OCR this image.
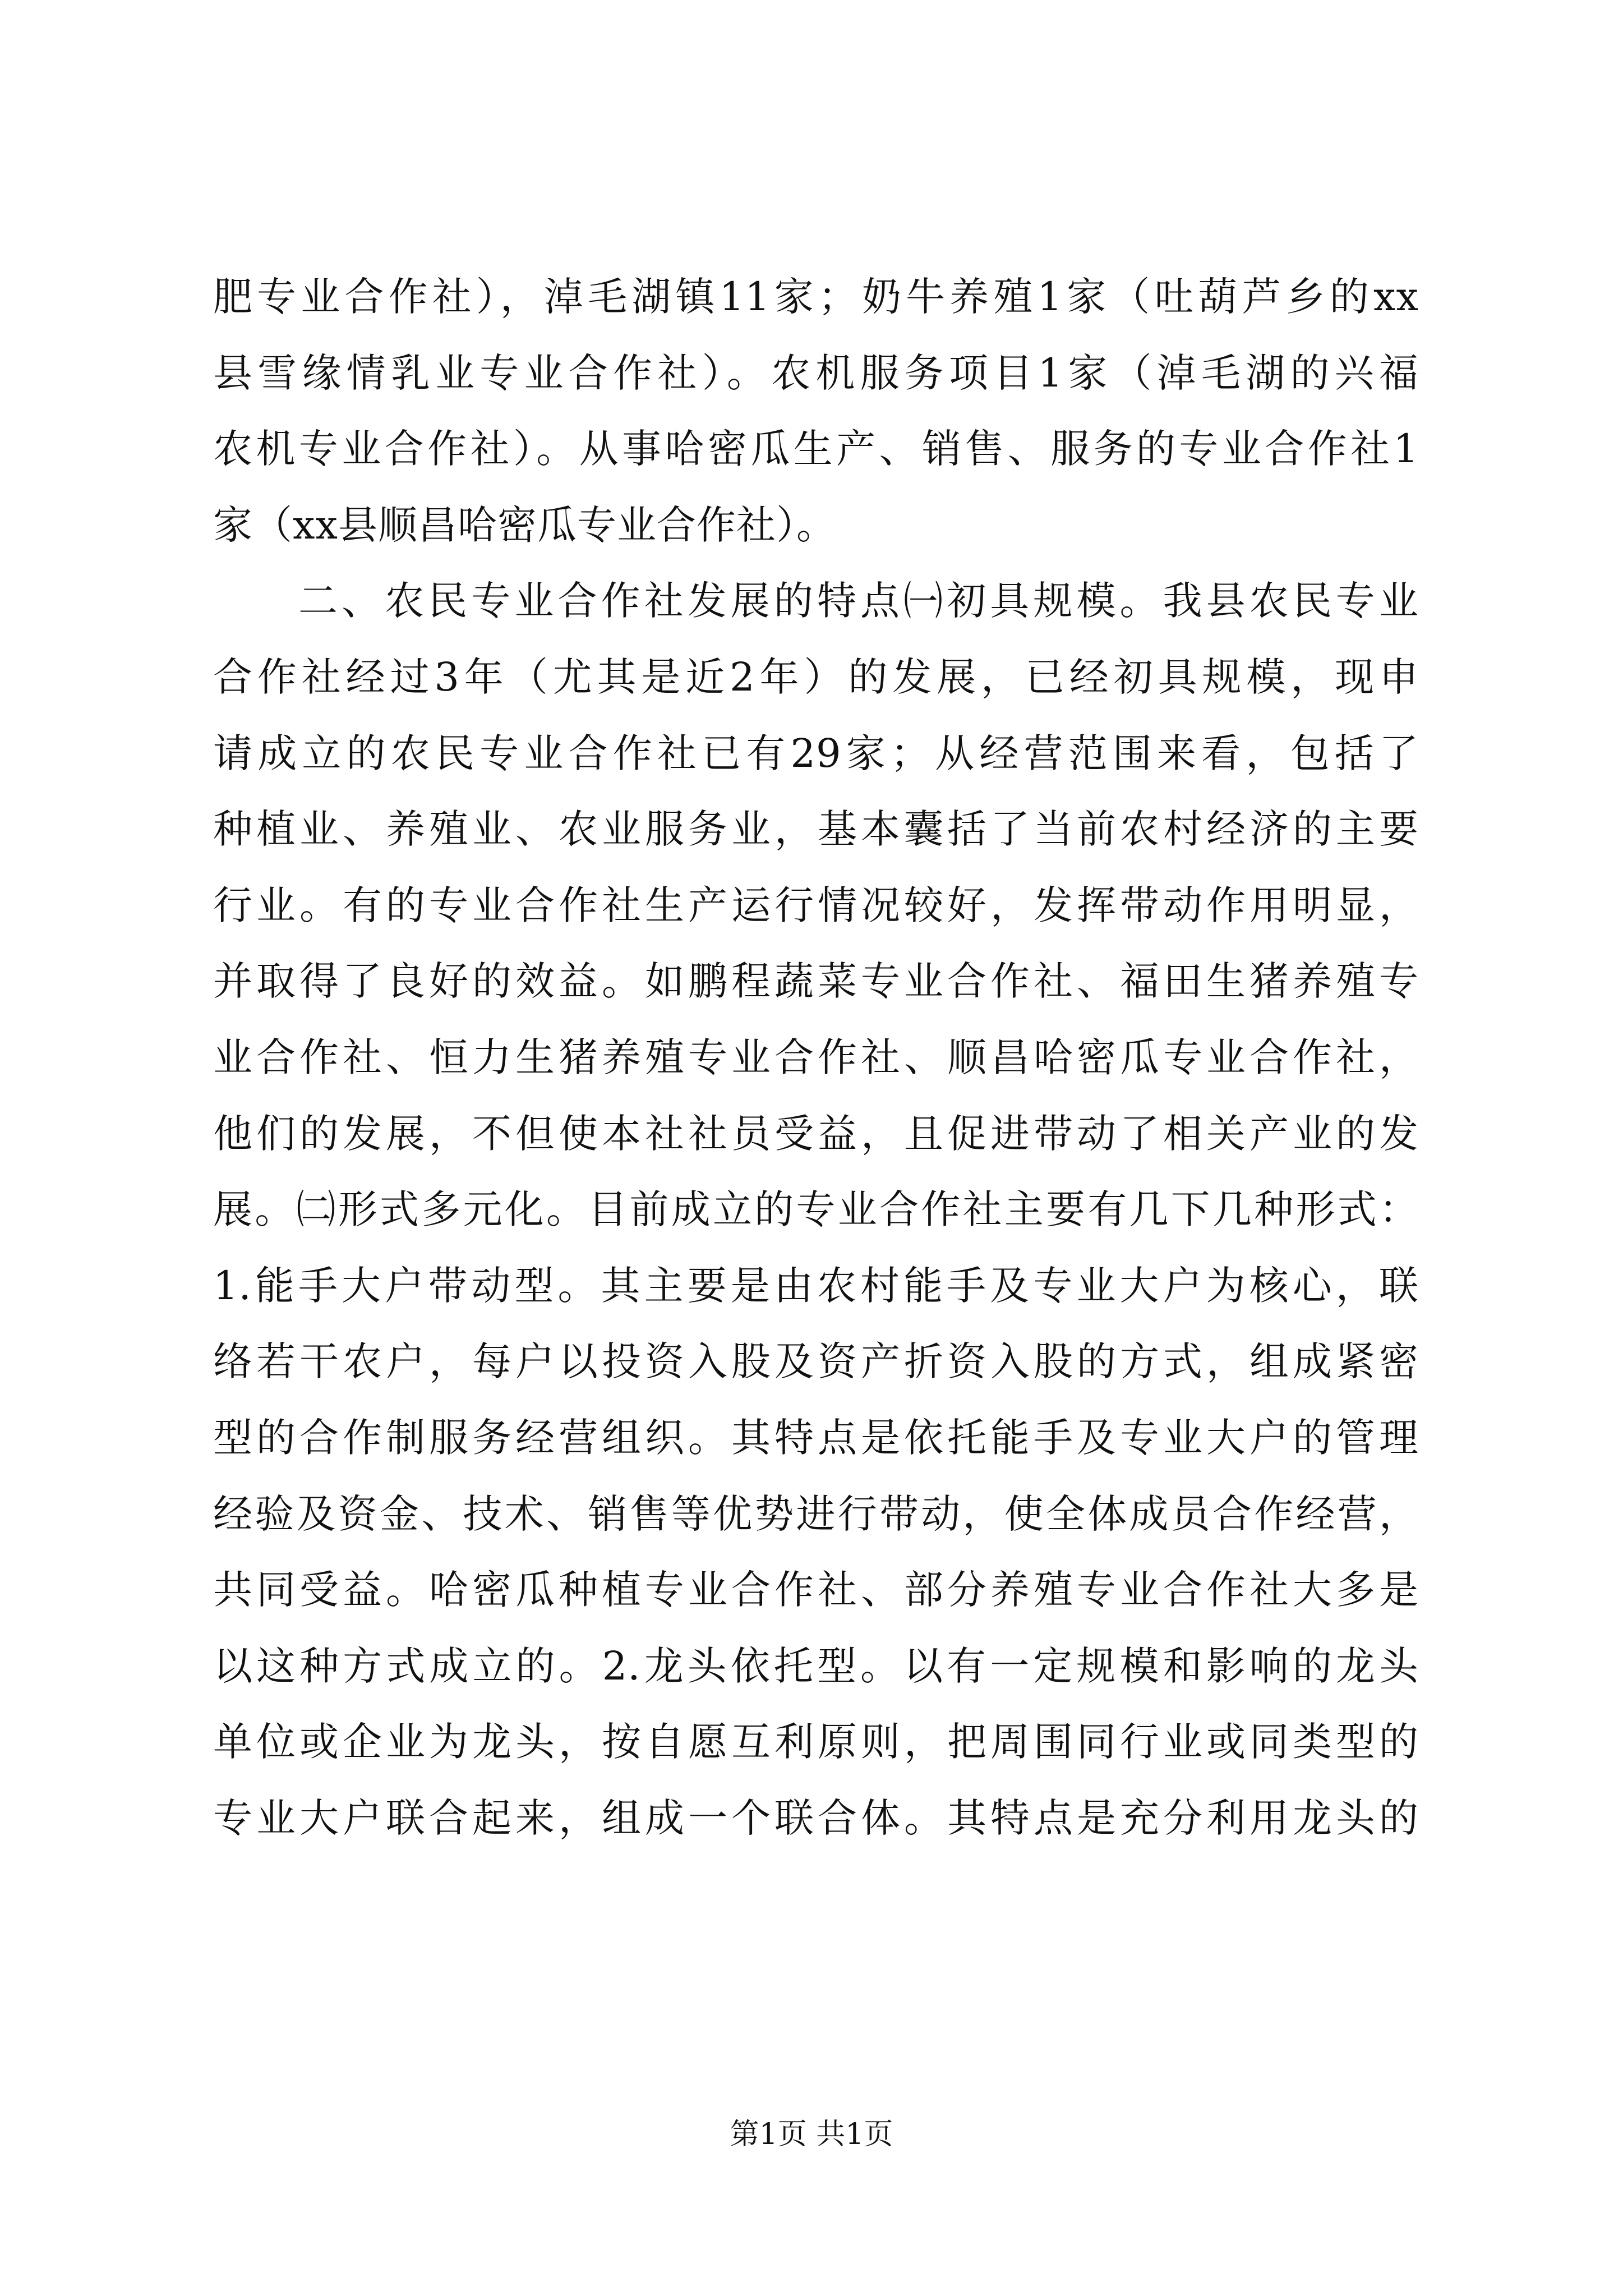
肥专业合作社），淖毛湖镇11家；奶牛养殖1家（吐葫芦乡的xx
县雪缘情乳业专业合作社）。农机服务项目1家（淖毛湖的兴福
农机专业合作社）。从事哈密瓜生产、销售、服务的专业合作社1
家（xx县顺昌哈密瓜专业合作社）。
二、农民专业合作社发展的特点㈠初具规模。我县农民专业
合作社经过3年（尤其是近2年）的发展，已经初具规模，现申
请成立的农民专业合作社已有29家；从经营范围来看，包括了
种植业、养殖业、农业服务业，基本囊括了当前农村经济的主要
行业。有的专业合作社生产运行情况较好，发挥带动作用明显，
并取得了良好的效益。如鹏程蔬菜专业合作社、福田生猪养殖专
业合作社、恒力生猪养殖专业合作社、顺昌哈密瓜专业合作社，
他们的发展，不但使本社社员受益，且促进带动了相关产业的发
展。㈡形式多元化。目前成立的专业合作社主要有几下几种形式：
1.能手大户带动型。其主要是由农村能手及专业大户为核心，联
络若干农户，每户以投资入股及资产折资入股的方式，组成紧密
型的合作制服务经营组织。其特点是依托能手及专业大户的管理
经验及资金、技术、销售等优势进行带动，使全体成员合作经营，
共同受益。哈密瓜种植专业合作社、部分养殖专业合作社大多是
以这种方式成立的。2.龙头依托型。以有一定规模和影响的龙头
单位或企业为龙头，按自愿互利原则，把周围同行业或同类型的
专业大户联合起来，组成一个联合体。其特点是充分利用龙头的
第1页 共1页
